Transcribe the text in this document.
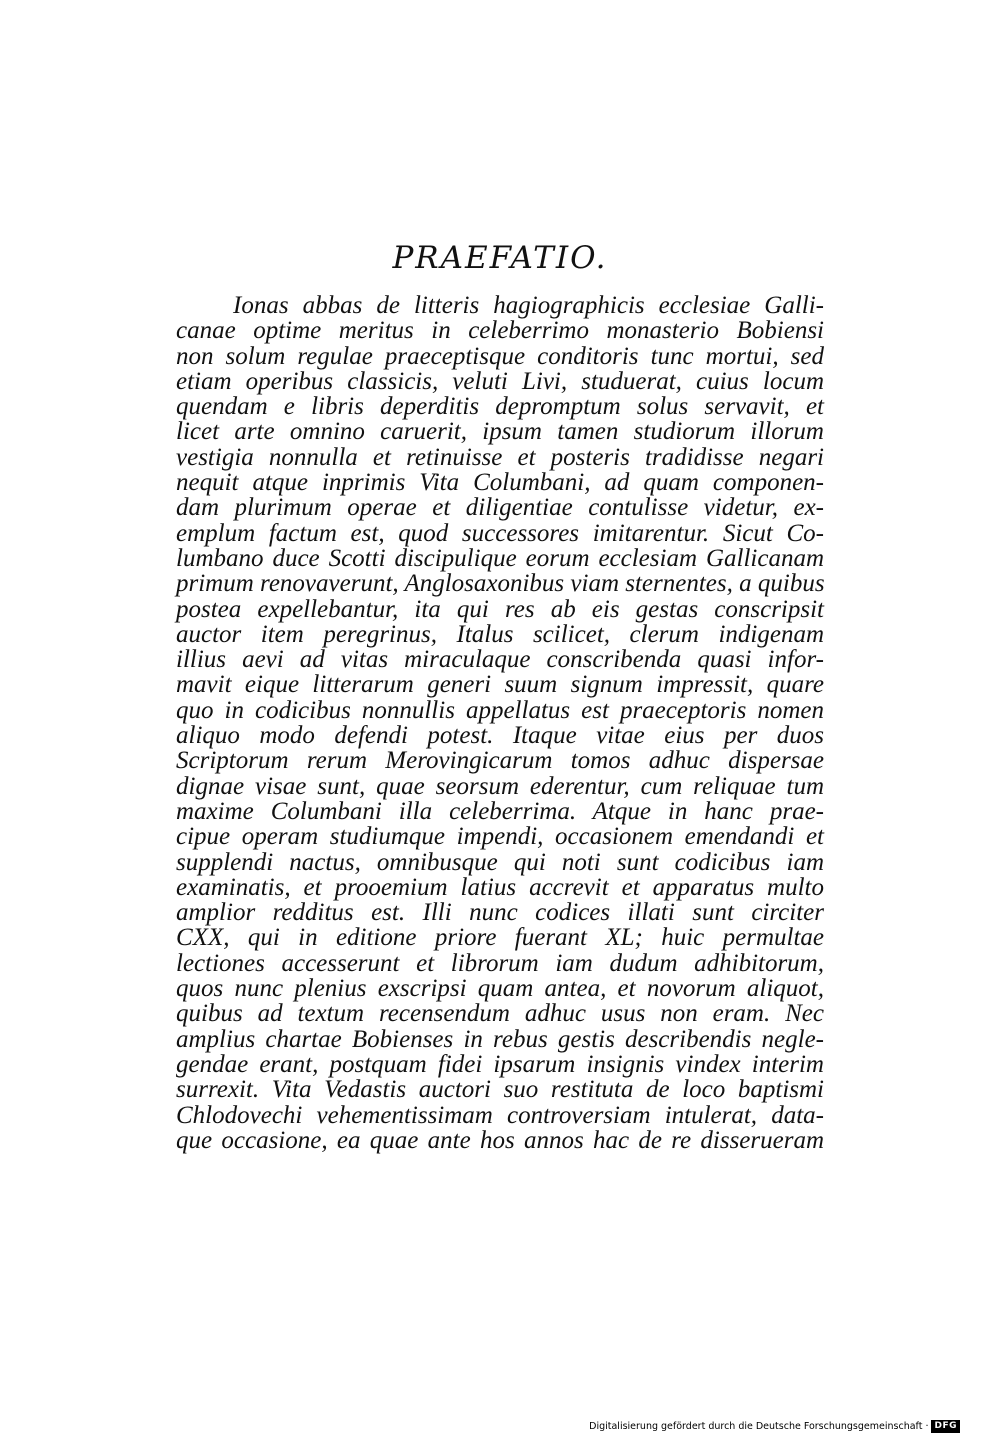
PRAEFATIO.
Ionas abbas de litteris hagiographicis ecclesiae Galli-
canae optime meritus in celeberrimo monasterio Bobiensi
non solum regulae praeceptisque conditoris tunc mortui, sed
etiam operibus classicis, veluti Livi, studuerat, cuius locum
quendam e libris deperditis depromptum solus servavit, et
licet arte omnino caruerit, ipsum tamen studiorum illorum
vestigia nonnulla et retinuisse et posteris tradidisse negari
nequit atque inprimis Vita Columbani, ad quam componen-
dam plurimum operae et diligentiae contulisse videtur, ex-
emplum factum est, quod successores imitarentur. Sicut Co-
lumbano duce Scotti discipulique eorum ecclesiam Gallicanam
primum renovaverunt, Anglosaxonibus viam sternentes, a quibus
postea expellebantur, ita qui res ab eis gestas conscripsit
auctor item peregrinus, Italus scilicet, clerum indigenam
illius aevi ad vitas miraculaque conscribenda quasi infor-
mavit eique litterarum generi suum signum impressit, quare
quo in codicibus nonnullis appellatus est praeceptoris nomen
aliquo modo defendi potest. Itaque vitae eius per duos
Scriptorum rerum Merovingicarum tomos adhuc dispersae
dignae visae sunt, quae seorsum ederentur, cum reliquae tum
maxime Columbani illa celeberrima. Atque in hanc prae-
cipue operam studiumque impendi, occasionem emendandi et
supplendi nactus, omnibusque qui noti sunt codicibus iam
examinatis, et prooemium latius accrevit et apparatus multo
amplior redditus est. Illi nunc codices illati sunt circiter
CXX, qui in editione priore fuerant XL; huic permultae
lectiones accesserunt et librorum iam dudum adhibitorum,
quos nunc plenius exscripsi quam antea, et novorum aliquot,
quibus ad textum recensendum adhuc usus non eram. Nec
amplius chartae Bobienses in rebus gestis describendis negle-
gendae erant, postquam fidei ipsarum insignis vindex interim
surrexit. Vita Vedastis auctori suo restituta de loco baptismi
Chlodovechi vehementissimam controversiam intulerat, data-
que occasione, ea quae ante hos annos hac de re disserueram
Digitalisierung gefördert durch die Deutsche Forschungsgemeinschaft · DFG
